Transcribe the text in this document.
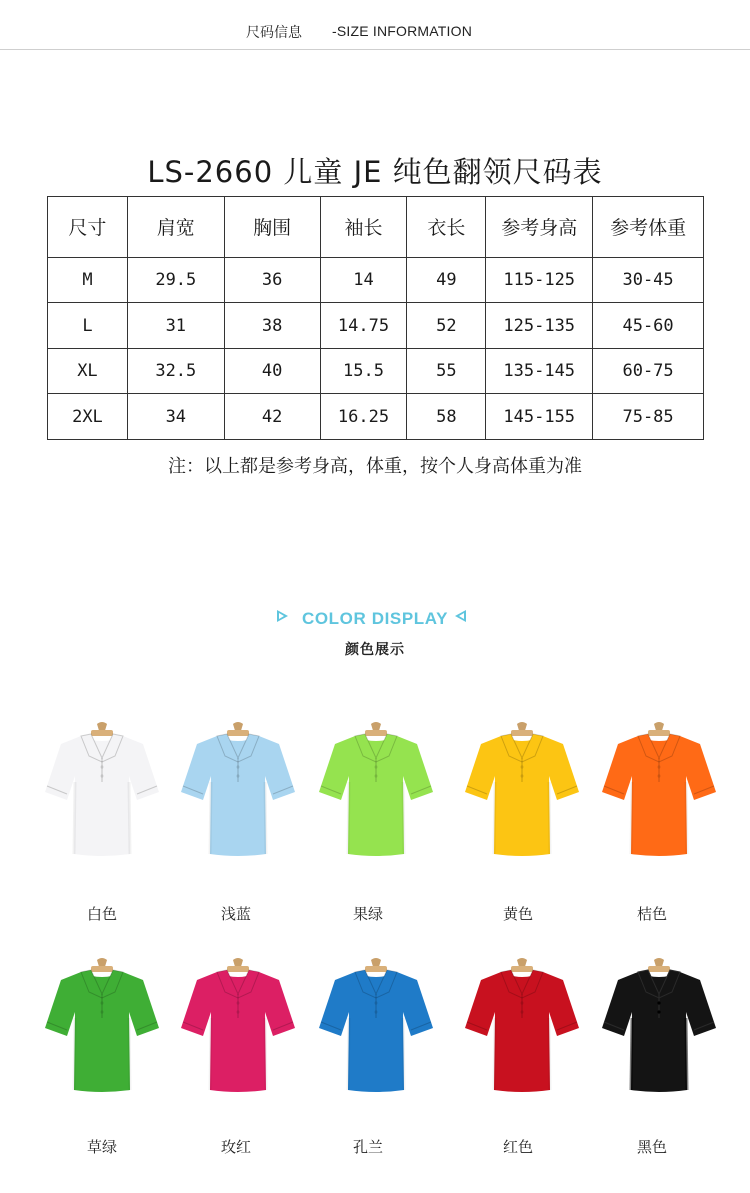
尺码信息 -SIZE INFORMATION
LS-2660 儿童 JE 纯色翻领尺码表
尺寸	肩宽	胸围	袖长	衣长	参考身高	参考体重
M	29.5	36	14	49	115-125	30-45
L	31	38	14.75	52	125-135	45-60
XL	32.5	40	15.5	55	135-145	60-75
2XL	34	42	16.25	58	145-155	75-85
注：以上都是参考身高，体重，按个人身高体重为准
COLOR DISPLAY
颜色展示
白色	浅蓝	果绿	黄色	桔色
草绿	玫红	孔兰	红色	黑色
